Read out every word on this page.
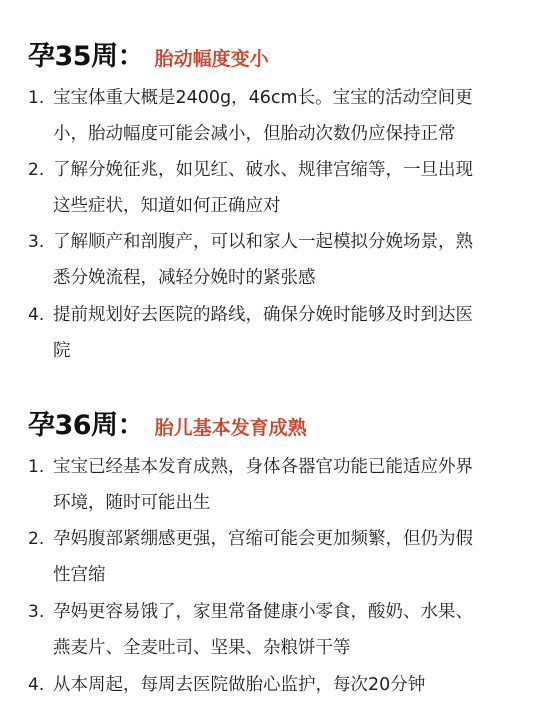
孕35周 ： 胎动幅度变小
1. 宝宝体重大概是2400g，46cm长。宝宝的活动空间更
小，胎动幅度可能会减小，但胎动次数仍应保持正常
2. 了解分娩征兆，如见红、破水、规律宫缩等，一旦出现
这些症状，知道如何正确应对
3. 了解顺产和剖腹产，可以和家人一起模拟分娩场景，熟
悉分娩流程，减轻分娩时的紧张感
4. 提前规划好去医院的路线，确保分娩时能够及时到达医
院
孕36周 ： 胎儿基本发育成熟
1. 宝宝已经基本发育成熟，身体各器官功能已能适应外界
环境，随时可能出生
2. 孕妈腹部紧绷感更强，宫缩可能会更加频繁，但仍为假
性宫缩
3. 孕妈更容易饿了，家里常备健康小零食，酸奶、水果、
燕麦片、全麦吐司、坚果、杂粮饼干等
4. 从本周起，每周去医院做胎心监护，每次20分钟
